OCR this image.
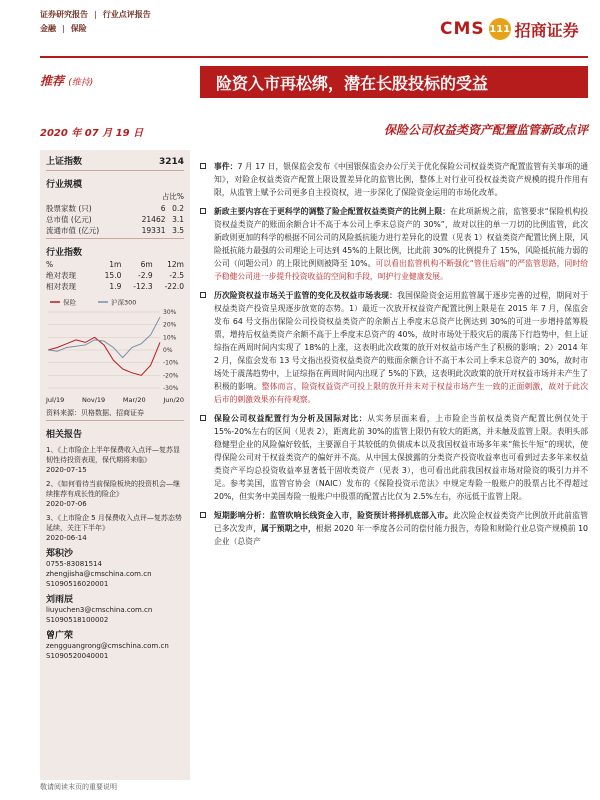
证券研究报告 | 行业点评报告
金融 | 保险	CMS 111 招商证券
推荐 (维持)	险资入市再松绑，潜在长股投标的受益
2020 年 07 月 19 日	保险公司权益类资产配置监管新政点评
上证指数	3214
行业规模
占比%
股票家数 (只)	6	0.2
总市值 (亿元)	21462	3.1
流通市值 (亿元)	19331	3.5
行业指数
%	1m	6m	12m
绝对表现	15.0	-2.9	-2.5
相对表现	1.9	-12.3	-22.0
30%
20%
10%
0%
-10%
-20%
-30%
保险	沪深300
Jul/19	Nov/19	Mar/20	Jun/20
资料来源：贝格数据、招商证券
相关报告
1、《上市险企上半年保费收入点评—复苏显韧性待投资表现，保代期将来临》
2020-07-15
2、《如何看待当前保险板块的投资机会—继续推荐有成长性的险企》
2020-07-06
3、《上市险企 5 月保费收入点评—复苏态势延续，关注下半年》
2020-06-14
郑积沙
0755-83081514
zhengjisha@cmschina.com.cn
S1090516020001
刘雨辰
liuyuchen3@cmschina.com.cn
S1090518100002
曾广荣
zengguangrong@cmschina.com.cn
S1090520040001
事件：7 月 17 日，银保监会发布《中国银保监会办公厅关于优化保险公司权益类资产配置监管有关事项的通知》，对险企权益类资产配置上限设置差异化的监管比例，整体上对行业可投权益类资产规模的提升作用有限，从监管上赋予公司更多自主投资权，进一步深化了保险资金运用的市场化改革。
新政主要内容在于更科学的调整了险企配置权益类资产的比例上限：在此项新规之前，监管要求“保险机构投资权益类资产的账面余额合计不高于本公司上季末总资产的 30%”，故对以往的单一刀切的比例监管，此次新政则更加的科学的根据不同公司的风险抵抗能力进行差异化的设置（见表 1）权益类资产配置比例上限，风险抵抗能力最强的公司理论上可达到 45%的上限比例，比此前 30%的比例提升了 15%，风险抵抗能力弱的公司（问题公司）的上限比例则被降至 10%。可以看出监管机构不断强化“管住后端”的严监管思路，同时给予稳健公司进一步提升投资收益的空间和手段，呵护行业健康发展。
历次险资权益市场关于监管的变化及权益市场表现：我国保险资金运用监管属于逐步完善的过程，期间对于权益类资产投资呈现逐步放宽的态势。1）最近一次放开权益资产配置比例上限是在 2015 年 7 月，保监会发布 64 号文指出保险公司投资权益类资产的余额占上季度末总资产比例达到 30%的可进一步增持蓝筹股票，增持后权益类资产余额不高于上季度末总资产的 40%，故时市场处于股灾后的震荡下行趋势中，但上证综指在两周时间内实现了 18%的上涨，这表明此次政策的放开对权益市场产生了积极的影响；2）2014 年 2 月，保监会发布 13 号文指出投资权益类资产的账面余额合计不高于本公司上季末总资产的 30%，故时市场处于震荡趋势中，上证综指在两周时间内出现了 5%的下跌，这表明此次政策的放开对权益市场并未产生了积极的影响。整体而言，险资权益资产可投上限的放开并未对于权益市场产生一致的正面刺激，故对于此次后市的刺激效果亦有待观察。
保险公司权益配置行为分析及国际对比：从实务层面来看，上市险企当前权益类资产配置比例仅处于 15%-20%左右的区间（见表 2），距离此前 30%的监管上限仍有较大的距离，并未触及监管上限。表明头部稳健型企业的风险偏好较低，主要源自于其较低的负债成本以及我国权益市场多年来“熊长牛短”的现状，使得保险公司对于权益类资产的偏好并不高。从中国太保披露的分类资产投资收益率也可看到过去多年来权益类资产平均总投资收益率显著低于固收类资产（见表 3），也可看出此前我国权益市场对险资的吸引力并不足。参考美国，监管官协会（NAIC）发布的《保险投资示范法》中规定寿险一般账户的股票占比不得超过 20%，但实务中美国寿险一般账户中股票的配置占比仅为 2.5%左右，亦远低于监管上限。
短期影响分析：监管吹响长线资金入市，险资预计将择机底部入市。此次险企权益类资产比例放开此前监管已多次发声，属于预期之中，根据 2020 年一季度各公司的偿付能力报告，寿险和财险行业总资产规模前 10 企业（总资产
敬请阅读末页的重要说明
